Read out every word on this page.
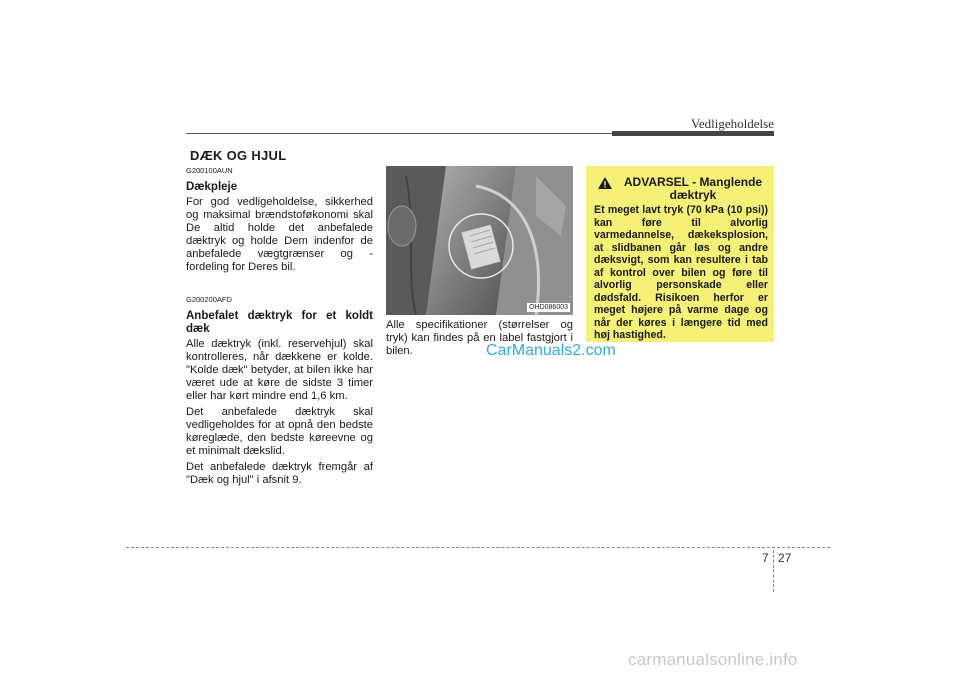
Vedligeholdelse
DÆK OG HJUL
G200100AUN
Dækpleje
For god vedligeholdelse, sikkerhed og maksimal brændstoføkonomi skal De altid holde det anbefalede dæktryk og holde Dem indenfor de anbefalede vægtgrænser og -fordeling for Deres bil.
G200200AFD
Anbefalet dæktryk for et koldt dæk
Alle dæktryk (inkl. reservehjul) skal kontrolleres, når dækkene er kolde. "Kolde dæk" betyder, at bilen ikke har været ude at køre de sidste 3 timer eller har kørt mindre end 1,6 km.
Det anbefalede dæktryk skal vedligeholdes for at opnå den bedste køreglæde, den bedste køreevne og et minimalt dækslid.
Det anbefalede dæktryk fremgår af "Dæk og hjul" i afsnit 9.
OHD086003
Alle specifikationer (størrelser og tryk) kan findes på en label fastgjort i bilen.
ADVARSEL - Manglende dæktryk
Et meget lavt tryk (70 kPa (10 psi)) kan føre til alvorlig varmedannelse, dækeksplosion, at slidbanen går løs og andre dæksvigt, som kan resultere i tab af kontrol over bilen og føre til alvorlig personskade eller dødsfald. Risikoen herfor er meget højere på varme dage og når der køres i længere tid med høj hastighed.
CarManuals2.com
7 27
carmanualsonline.info
